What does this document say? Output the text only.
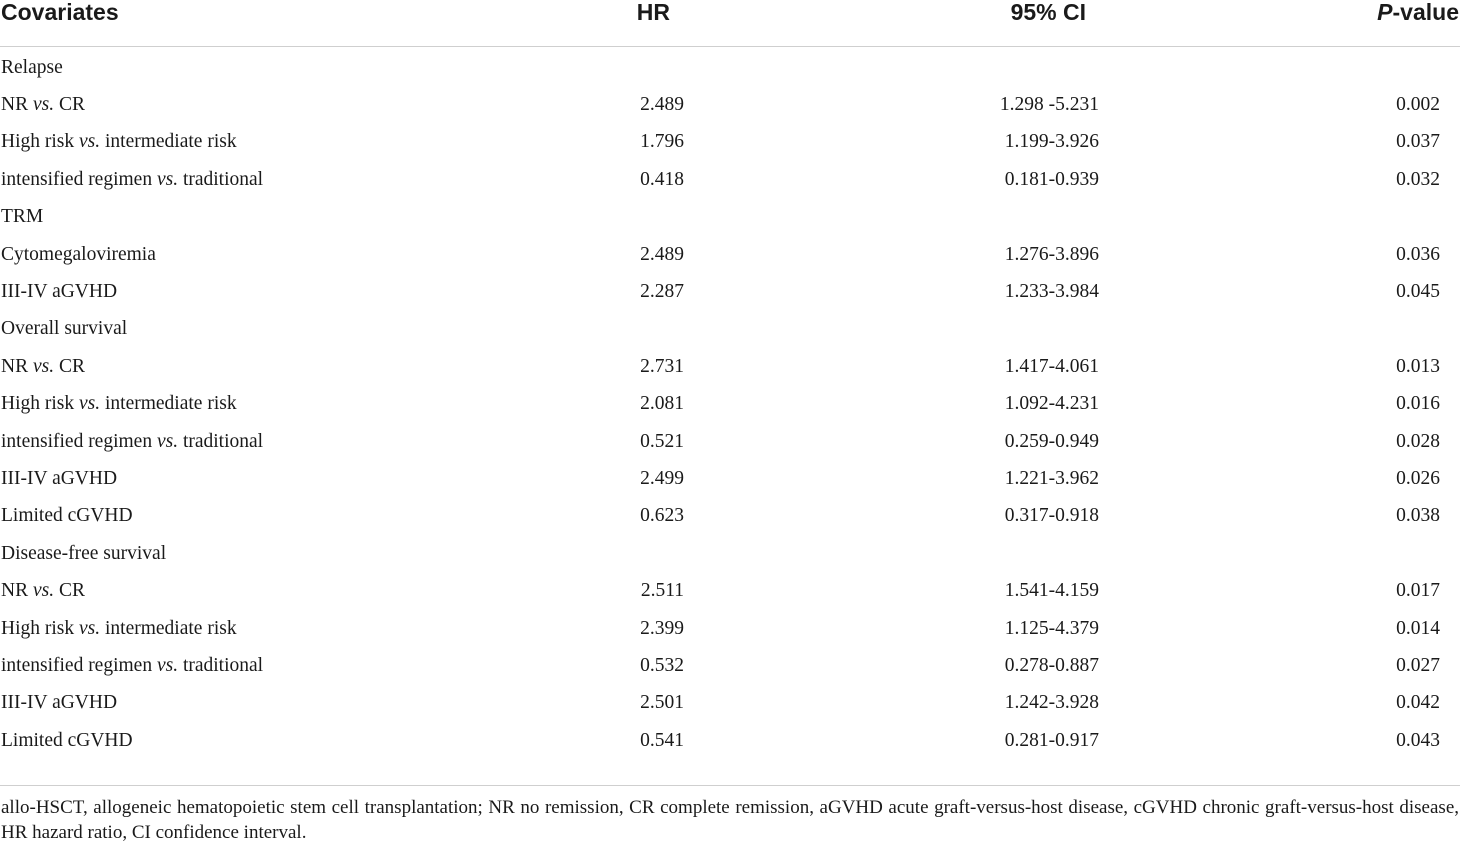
Covariates	HR	95% CI	P-value
Relapse			
NR vs. CR	2.489	1.298 -5.231	0.002
High risk vs. intermediate risk	1.796	1.199-3.926	0.037
intensified regimen vs. traditional	0.418	0.181-0.939	0.032
TRM			
Cytomegaloviremia	2.489	1.276-3.896	0.036
III-IV aGVHD	2.287	1.233-3.984	0.045
Overall survival			
NR vs. CR	2.731	1.417-4.061	0.013
High risk vs. intermediate risk	2.081	1.092-4.231	0.016
intensified regimen vs. traditional	0.521	0.259-0.949	0.028
III-IV aGVHD	2.499	1.221-3.962	0.026
Limited cGVHD	0.623	0.317-0.918	0.038
Disease-free survival			
NR vs. CR	2.511	1.541-4.159	0.017
High risk vs. intermediate risk	2.399	1.125-4.379	0.014
intensified regimen vs. traditional	0.532	0.278-0.887	0.027
III-IV aGVHD	2.501	1.242-3.928	0.042
Limited cGVHD	0.541	0.281-0.917	0.043
allo-HSCT, allogeneic hematopoietic stem cell transplantation; NR no remission, CR complete remission, aGVHD acute graft-versus-host disease, cGVHD chronic graft-versus-host disease, HR hazard ratio, CI confidence interval.
